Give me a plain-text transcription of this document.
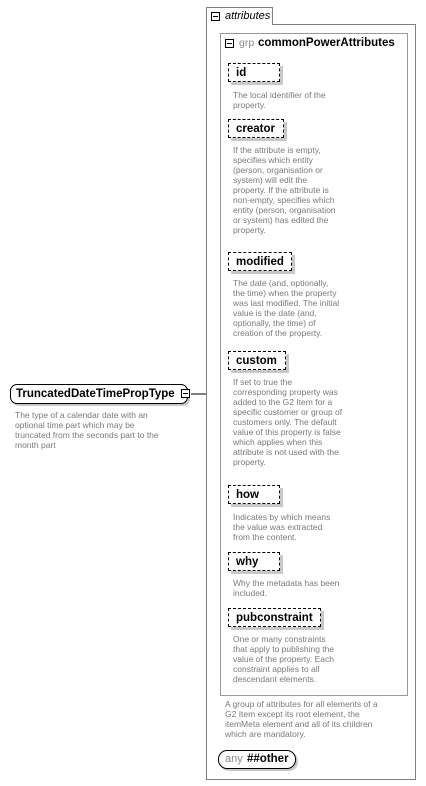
TruncatedDateTimePropType
The type of a calendar date with an
optional time part which may be
truncated from the seconds part to the
month part
attributes
grp commonPowerAttributes
id
The local identifier of the
property.
creator
If the attribute is empty,
specifies which entity
(person, organisation or
system) will edit the
property. If the attribute is
non-empty, specifies which
entity (person, organisation
or system) has edited the
property.
modified
The date (and, optionally,
the time) when the property
was last modified. The initial
value is the date (and,
optionally, the time) of
creation of the property.
custom
If set to true the
corresponding property was
added to the G2 Item for a
specific customer or group of
customers only. The default
value of this property is false
which applies when this
attribute is not used with the
property.
how
Indicates by which means
the value was extracted
from the content.
why
Why the metadata has been
included.
pubconstraint
One or many constraints
that apply to publishing the
value of the property. Each
constraint applies to all
descendant elements.
A group of attributes for all elements of a
G2 Item except its root element, the
itemMeta element and all of its children
which are mandatory.
any ##other
